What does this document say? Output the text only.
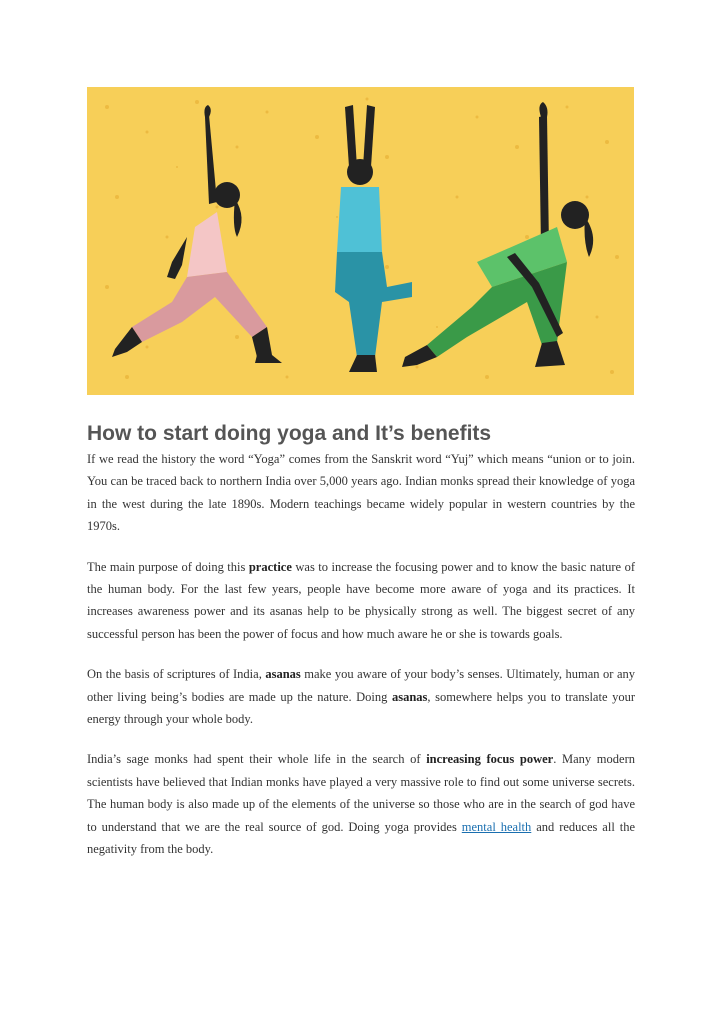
How to start doing yoga and It’s benefits

If we read the history the word “Yoga” comes from the Sanskrit word “Yuj” which means “union or to join. You can be traced back to northern India over 5,000 years ago. Indian monks spread their knowledge of yoga in the west during the late 1890s. Modern teachings became widely popular in western countries by the 1970s.

The main purpose of doing this practice was to increase the focusing power and to know the basic nature of the human body. For the last few years, people have become more aware of yoga and its practices. It increases awareness power and its asanas help to be physically strong as well. The biggest secret of any successful person has been the power of focus and how much aware he or she is towards goals.

On the basis of scriptures of India, asanas make you aware of your body’s senses. Ultimately, human or any other living being’s bodies are made up the nature. Doing asanas, somewhere helps you to translate your energy through your whole body.

India’s sage monks had spent their whole life in the search of increasing focus power. Many modern scientists have believed that Indian monks have played a very massive role to find out some universe secrets. The human body is also made up of the elements of the universe so those who are in the search of god have to understand that we are the real source of god. Doing yoga provides mental health and reduces all the negativity from the body.
